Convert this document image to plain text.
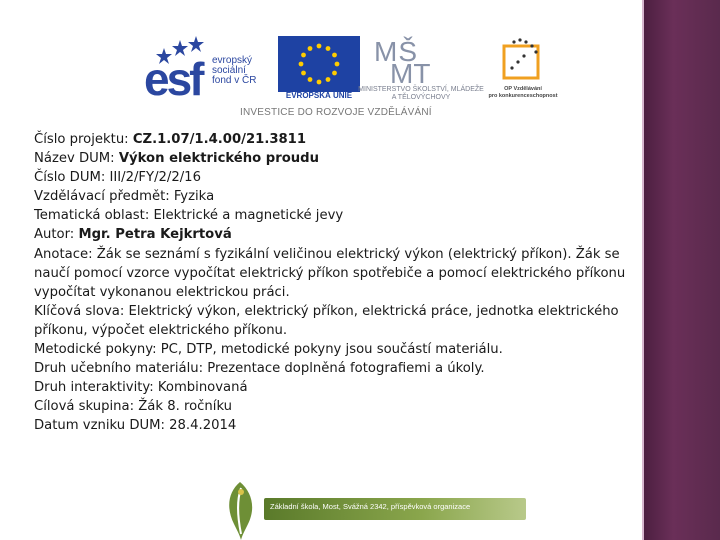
esf evropský
sociální
fond v ČR
EVROPSKÁ UNIE
MŠ
MT
MINISTERSTVO ŠKOLSTVÍ, MLÁDEŽE A TĚLOVÝCHOVY
OP Vzdělávání
pro konkurenceschopnost
INVESTICE DO ROZVOJE VZDĚLÁVÁNÍ
Číslo projektu: CZ.1.07/1.4.00/21.3811
Název DUM: Výkon elektrického proudu
Číslo DUM: III/2/FY/2/2/16
Vzdělávací předmět: Fyzika
Tematická oblast: Elektrické a magnetické jevy
Autor: Mgr. Petra Kejkrtová
Anotace: Žák se seznámí s fyzikální veličinou elektrický výkon (elektrický příkon). Žák se naučí pomocí vzorce vypočítat elektrický příkon spotřebiče a pomocí elektrického příkonu vypočítat vykonanou elektrickou práci.
Klíčová slova: Elektrický výkon, elektrický příkon, elektrická práce, jednotka elektrického příkonu, výpočet elektrického příkonu.
Metodické pokyny: PC, DTP, metodické pokyny jsou součástí materiálu.
Druh učebního materiálu: Prezentace doplněná fotografiemi a úkoly.
Druh interaktivity: Kombinovaná
Cílová skupina: Žák 8. ročníku
Datum vzniku DUM: 28.4.2014
Základní škola, Most, Svážná 2342, příspěvková organizace
